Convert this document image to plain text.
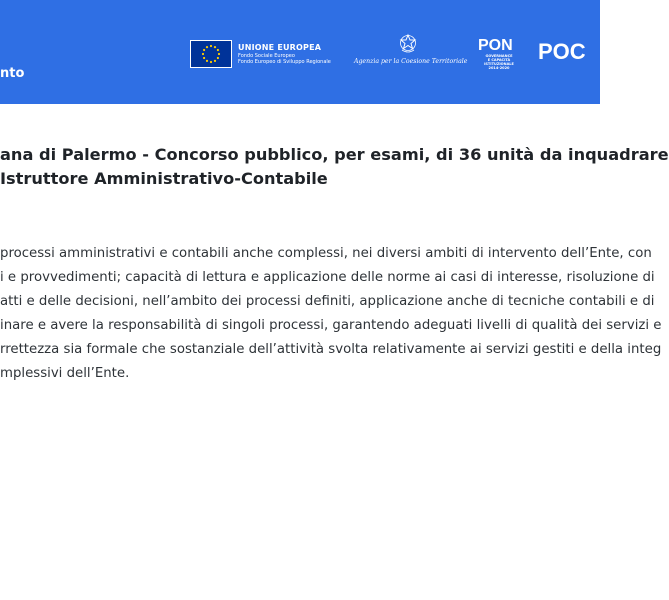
nto
UNIONE EUROPEA
Fondo Sociale Europeo
Fondo Europeo di Sviluppo Regionale	Agenzia per la Coesione Territoriale
PON
GOVERNANCE
E CAPACITÀ
ISTITUZIONALE
2014-2020
POC
ana di Palermo - Concorso pubblico, per esami, di 36 unità da inquadrare
Istruttore Amministrativo-Contabile
processi amministrativi e contabili anche complessi, nei diversi ambiti di intervento dell’Ente, con
i e provvedimenti; capacità di lettura e applicazione delle norme ai casi di interesse, risoluzione di
atti e delle decisioni, nell’ambito dei processi definiti, applicazione anche di tecniche contabili e di
inare e avere la responsabilità di singoli processi, garantendo adeguati livelli di qualità dei servizi e
rrettezza sia formale che sostanziale dell’attività svolta relativamente ai servizi gestiti e della integ
mplessivi dell’Ente.
